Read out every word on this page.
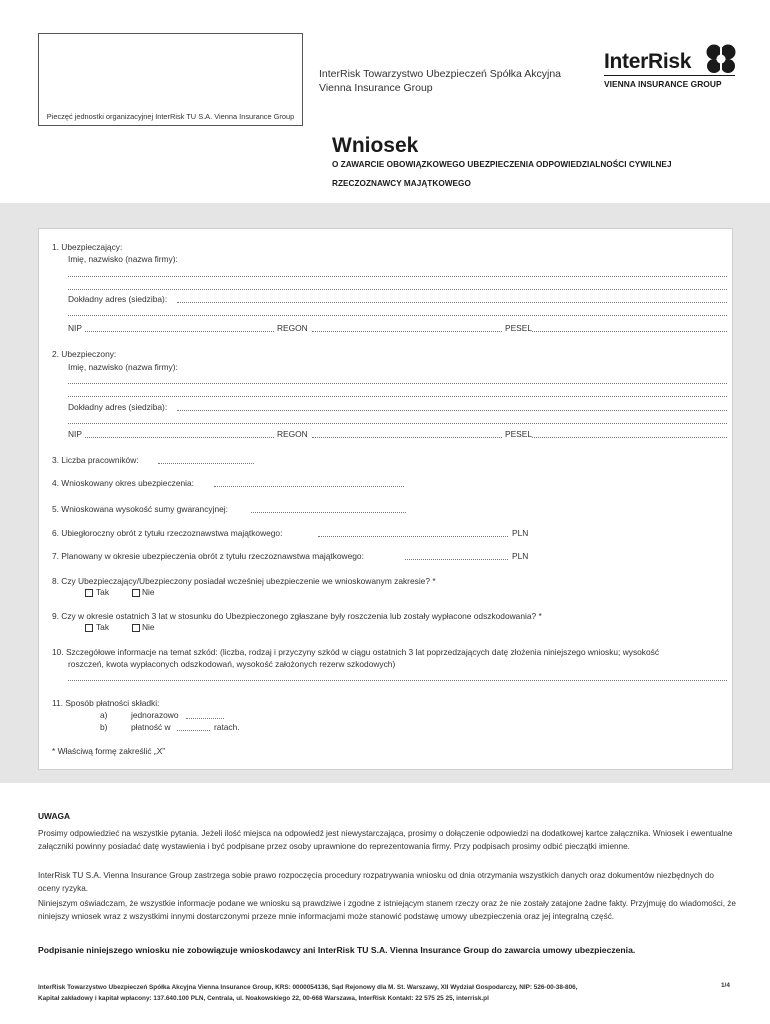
Pieczęć jednostki organizacyjnej InterRisk TU S.A. Vienna Insurance Group
InterRisk Towarzystwo Ubezpieczeń Spółka Akcyjna
Vienna Insurance Group
InterRisk
VIENNA INSURANCE GROUP
Wniosek
O ZAWARCIE OBOWIĄZKOWEGO UBEZPIECZENIA ODPOWIEDZIALNOŚCI CYWILNEJ
RZECZOZNAWCY MAJĄTKOWEGO
1. Ubezpieczający:
Imię, nazwisko (nazwa firmy):
Dokładny adres (siedziba):
NIP	REGON	PESEL
2. Ubezpieczony:
Imię, nazwisko (nazwa firmy):
Dokładny adres (siedziba):
NIP	REGON	PESEL
3. Liczba pracowników:
4. Wnioskowany okres ubezpieczenia:
5. Wnioskowana wysokość sumy gwarancyjnej:
6. Ubiegłoroczny obrót z tytułu rzeczoznawstwa majątkowego:	PLN
7. Planowany w okresie ubezpieczenia obrót z tytułu rzeczoznawstwa majątkowego:	PLN
8. Czy Ubezpieczający/Ubezpieczony posiadał wcześniej ubezpieczenie we wnioskowanym zakresie? *
Tak	Nie
9. Czy w okresie ostatnich 3 lat w stosunku do Ubezpieczonego zgłaszane były roszczenia lub zostały wypłacone odszkodowania? *
Tak	Nie
10. Szczegółowe informacje na temat szkód: (liczba, rodzaj i przyczyny szkód w ciągu ostatnich 3 lat poprzedzających datę złożenia niniejszego wniosku; wysokość
roszczeń, kwota wypłaconych odszkodowań, wysokość założonych rezerw szkodowych)
11. Sposób płatności składki:
a)	jednorazowo
b)	płatność w	ratach.
* Właściwą formę zakreślić „X”
UWAGA
Prosimy odpowiedzieć na wszystkie pytania. Jeżeli ilość miejsca na odpowiedź jest niewystarczająca, prosimy o dołączenie odpowiedzi na dodatkowej kartce załącznika. Wniosek i ewentualne załączniki powinny posiadać datę wystawienia i być podpisane przez osoby uprawnione do reprezentowania firmy. Przy podpisach prosimy odbić pieczątki imienne.
InterRisk TU S.A. Vienna Insurance Group zastrzega sobie prawo rozpoczęcia procedury rozpatrywania wniosku od dnia otrzymania wszystkich danych oraz dokumentów niezbędnych do oceny ryzyka.
Niniejszym oświadczam, że wszystkie informacje podane we wniosku są prawdziwe i zgodne z istniejącym stanem rzeczy oraz że nie zostały zatajone żadne fakty. Przyjmuję do wiadomości, że niniejszy wniosek wraz z wszystkimi innymi dostarczonymi przeze mnie informacjami może stanowić podstawę umowy ubezpieczenia oraz jej integralną część.
Podpisanie niniejszego wniosku nie zobowiązuje wnioskodawcy ani InterRisk TU S.A. Vienna Insurance Group do zawarcia umowy ubezpieczenia.
InterRisk Towarzystwo Ubezpieczeń Spółka Akcyjna Vienna Insurance Group, KRS: 0000054136, Sąd Rejonowy dla M. St. Warszawy, XII Wydział Gospodarczy, NIP: 526-00-38-806,
Kapitał zakładowy i kapitał wpłacony: 137.640.100 PLN, Centrala, ul. Noakowskiego 22, 00-668 Warszawa, InterRisk Kontakt: 22 575 25 25, interrisk.pl
1/4
